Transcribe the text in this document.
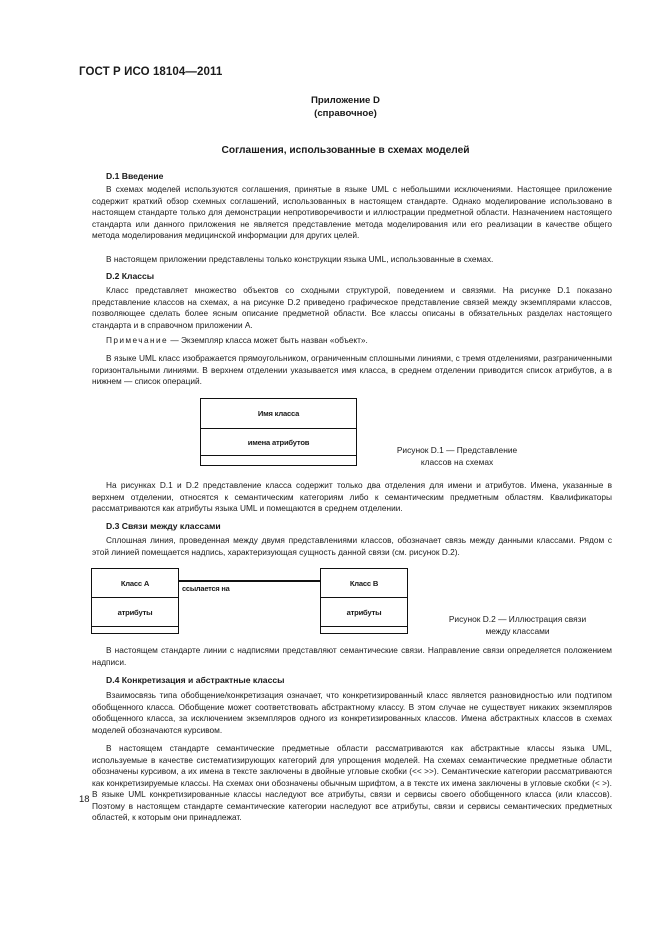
ГОСТ Р ИСО 18104—2011
Приложение D
(справочное)
Соглашения, использованные в схемах моделей
D.1 Введение

В схемах моделей используются соглашения, принятые в языке UML с небольшими исключениями. Настоящее приложение содержит краткий обзор схемных соглашений, использованных в настоящем стандарте. Однако моделирование использовано в настоящем стандарте только для демонстрации непротиворечивости и иллюстрации предметной области. Назначением настоящего стандарта или данного приложения не является представление метода моделирования или его реализации в качестве общего метода моделирования медицинской информации для других целей.

В настоящем приложении представлены только конструкции языка UML, использованные в схемах.

D.2 Классы

Класс представляет множество объектов со сходными структурой, поведением и связями. На рисунке D.1 показано представление классов на схемах, а на рисунке D.2 приведено графическое представление связей между экземплярами классов, позволяющее сделать более ясным описание предметной области. Все классы описаны в обязательных разделах настоящего стандарта и в справочном приложении А.

Примечание — Экземпляр класса может быть назван «объект».

В языке UML класс изображается прямоугольником, ограниченным сплошными линиями, с тремя отделениями, разграниченными горизонтальными линиями. В верхнем отделении указывается имя класса, в среднем отделении приводится список атрибутов, а в нижнем — список операций.

Имя класса
имена атрибутов
Рисунок D.1 — Представление
классов на схемах

На рисунках D.1 и D.2 представление класса содержит только два отделения для имени и атрибутов. Имена, указанные в верхнем отделении, относятся к семантическим категориям либо к семантическим предметным областям. Квалификаторы рассматриваются как атрибуты языка UML и помещаются в среднем отделении.

D.3 Связи между классами

Сплошная линия, проведенная между двумя представлениями классов, обозначает связь между данными классами. Рядом с этой линией помещается надпись, характеризующая сущность данной связи (см. рисунок D.2).

Класс А
атрибуты
Класс В
атрибуты
ссылается на
Рисунок D.2 — Иллюстрация связи
между классами

В настоящем стандарте линии с надписями представляют семантические связи. Направление связи определяется положением надписи.

D.4 Конкретизация и абстрактные классы

Взаимосвязь типа обобщение/конкретизация означает, что конкретизированный класс является разновидностью или подтипом обобщенного класса. Обобщение может соответствовать абстрактному классу. В этом случае не существует никаких экземпляров обобщенного класса, за исключением экземпляров одного из конкретизированных классов. Имена абстрактных классов в схемах моделей обозначаются курсивом.

В настоящем стандарте семантические предметные области рассматриваются как абстрактные классы языка UML, используемые в качестве систематизирующих категорий для упрощения моделей. На схемах семантические предметные области обозначены курсивом, а их имена в тексте заключены в двойные угловые скобки (<< >>). Семантические категории рассматриваются как конкретизируемые классы. На схемах они обозначены обычным шрифтом, а в тексте их имена заключены в угловые скобки (< >). В языке UML конкретизированные классы наследуют все атрибуты, связи и сервисы своего обобщенного класса (или классов). Поэтому в настоящем стандарте семантические категории наследуют все атрибуты, связи и сервисы семантических предметных областей, к которым они принадлежат.

18
